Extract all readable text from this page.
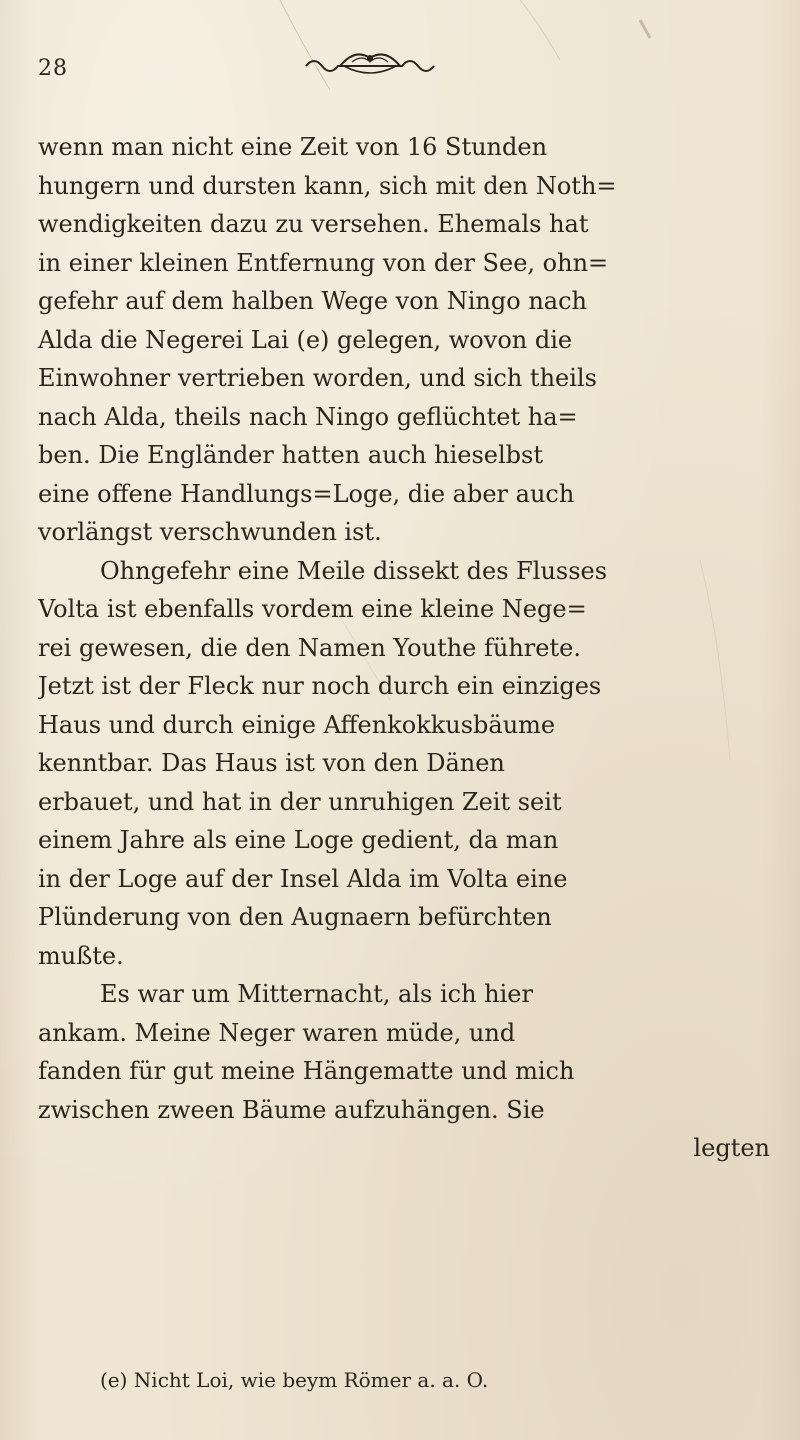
28
wenn man nicht eine Zeit von 16 Stunden
hungern und dursten kann, sich mit den Noth=
wendigkeiten dazu zu versehen. Ehemals hat
in einer kleinen Entfernung von der See, ohn=
gefehr auf dem halben Wege von Ningo nach
Alda die Negerei Lai (e) gelegen, wovon die
Einwohner vertrieben worden, und sich theils
nach Alda, theils nach Ningo geflüchtet ha=
ben. Die Engländer hatten auch hieselbst
eine offene Handlungs=Loge, die aber auch
vorlängst verschwunden ist.
Ohngefehr eine Meile dissekt des Flusses
Volta ist ebenfalls vordem eine kleine Nege=
rei gewesen, die den Namen Youthe führete.
Jetzt ist der Fleck nur noch durch ein einziges
Haus und durch einige Affenkokkusbäume
kenntbar. Das Haus ist von den Dänen
erbauet, und hat in der unruhigen Zeit seit
einem Jahre als eine Loge gedient, da man
in der Loge auf der Insel Alda im Volta eine
Plünderung von den Augnaern befürchten
mußte.
Es war um Mitternacht, als ich hier
ankam. Meine Neger waren müde, und
fanden für gut meine Hängematte und mich
zwischen zween Bäume aufzuhängen. Sie
legten
(e) Nicht Loi, wie beym Römer a. a. O.
